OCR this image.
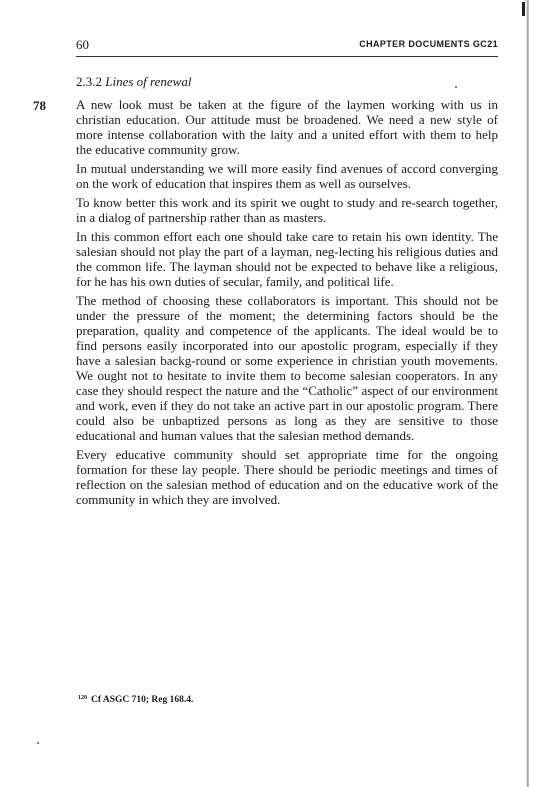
60	CHAPTER DOCUMENTS GC21
2.3.2 Lines of renewal
78 A new look must be taken at the figure of the laymen working with us in christian education. Our attitude must be broadened. We need a new style of more intense collaboration with the laity and a united effort with them to help the educative community grow.

In mutual understanding we will more easily find avenues of accord converging on the work of education that inspires them as well as ourselves.

To know better this work and its spirit we ought to study and re-search together, in a dialog of partnership rather than as masters.

In this common effort each one should take care to retain his own identity. The salesian should not play the part of a layman, neg-lecting his religious duties and the common life. The layman should not be expected to behave like a religious, for he has his own duties of secular, family, and political life.

The method of choosing these collaborators is important. This should not be under the pressure of the moment; the determining factors should be the preparation, quality and competence of the applicants. The ideal would be to find persons easily incorporated into our apostolic program, especially if they have a salesian backg-round or some experience in christian youth movements. We ought not to hesitate to invite them to become salesian cooperators. In any case they should respect the nature and the “Catholic” aspect of our environment and work, even if they do not take an active part in our apostolic program. There could also be unbaptized persons as long as they are sensitive to those educational and human values that the salesian method demands.

Every educative community should set appropriate time for the ongoing formation for these lay people. There should be periodic meetings and times of reflection on the salesian method of education and on the educative work of the community in which they are involved.

$^{120}$ Cf ASGC 710; Reg 168.4.
